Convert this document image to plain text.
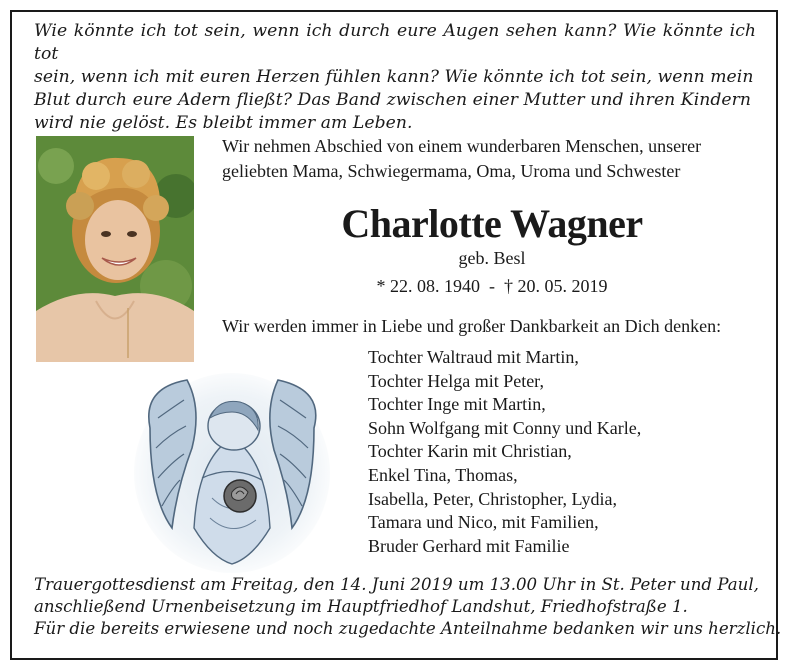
Wie könnte ich tot sein, wenn ich durch eure Augen sehen kann? Wie könnte ich tot
sein, wenn ich mit euren Herzen fühlen kann? Wie könnte ich tot sein, wenn mein
Blut durch eure Adern fließt? Das Band zwischen einer Mutter und ihren Kindern
wird nie gelöst. Es bleibt immer am Leben.
Wir nehmen Abschied von einem wunderbaren Menschen, unserer
geliebten Mama, Schwiegermama, Oma, Uroma und Schwester
Charlotte Wagner
geb. Besl
* 22. 08. 1940  -  † 20. 05. 2019
Wir werden immer in Liebe und großer Dankbarkeit an Dich denken:
Tochter Waltraud mit Martin,
Tochter Helga mit Peter,
Tochter Inge mit Martin,
Sohn Wolfgang mit Conny und Karle,
Tochter Karin mit Christian,
Enkel Tina, Thomas,
Isabella, Peter, Christopher, Lydia,
Tamara und Nico, mit Familien,
Bruder Gerhard mit Familie
Trauergottesdienst am Freitag, den 14. Juni 2019 um 13.00 Uhr in St. Peter und Paul,
anschließend Urnenbeisetzung im Hauptfriedhof Landshut, Friedhofstraße 1.
Für die bereits erwiesene und noch zugedachte Anteilnahme bedanken wir uns herzlich.
